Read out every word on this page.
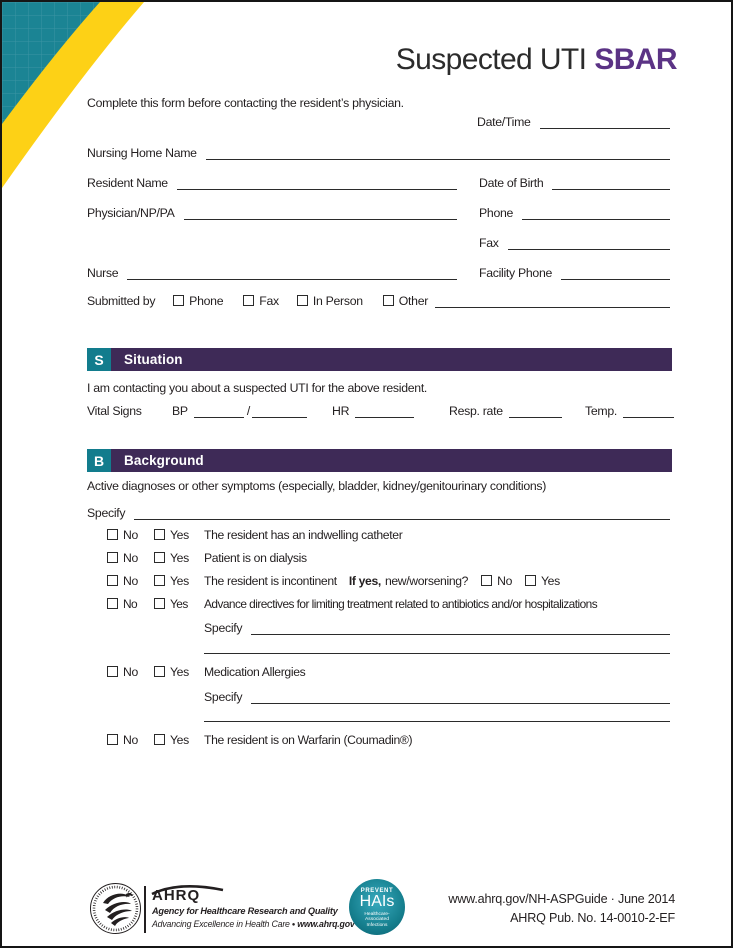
Suspected UTI SBAR
Complete this form before contacting the resident’s physician.
Date/Time
Nursing Home Name
Resident Name	Date of Birth
Physician/NP/PA	Phone
Fax
Nurse	Facility Phone
Submitted by	Phone	Fax	In Person	Other
S	Situation
I am contacting you about a suspected UTI for the above resident.
Vital Signs BP	/	HR	Resp. rate	Temp.
B	Background
Active diagnoses or other symptoms (especially, bladder, kidney/genitourinary conditions)
Specify
No	Yes The resident has an indwelling catheter
No	Yes Patient is on dialysis
No	Yes The resident is incontinent If yes, new/worsening? No Yes
No	Yes Advance directives for limiting treatment related to antibiotics and/or hospitalizations
Specify
No	Yes Medication Allergies
Specify
No	Yes The resident is on Warfarin (Coumadin®)
AHRQ
Agency for Healthcare Research and Quality
Advancing Excellence in Health Care ● www.ahrq.gov
PREVENT
HAIs
Healthcare-Associated Infections
www.ahrq.gov/NH-ASPGuide · June 2014
AHRQ Pub. No. 14-0010-2-EF
